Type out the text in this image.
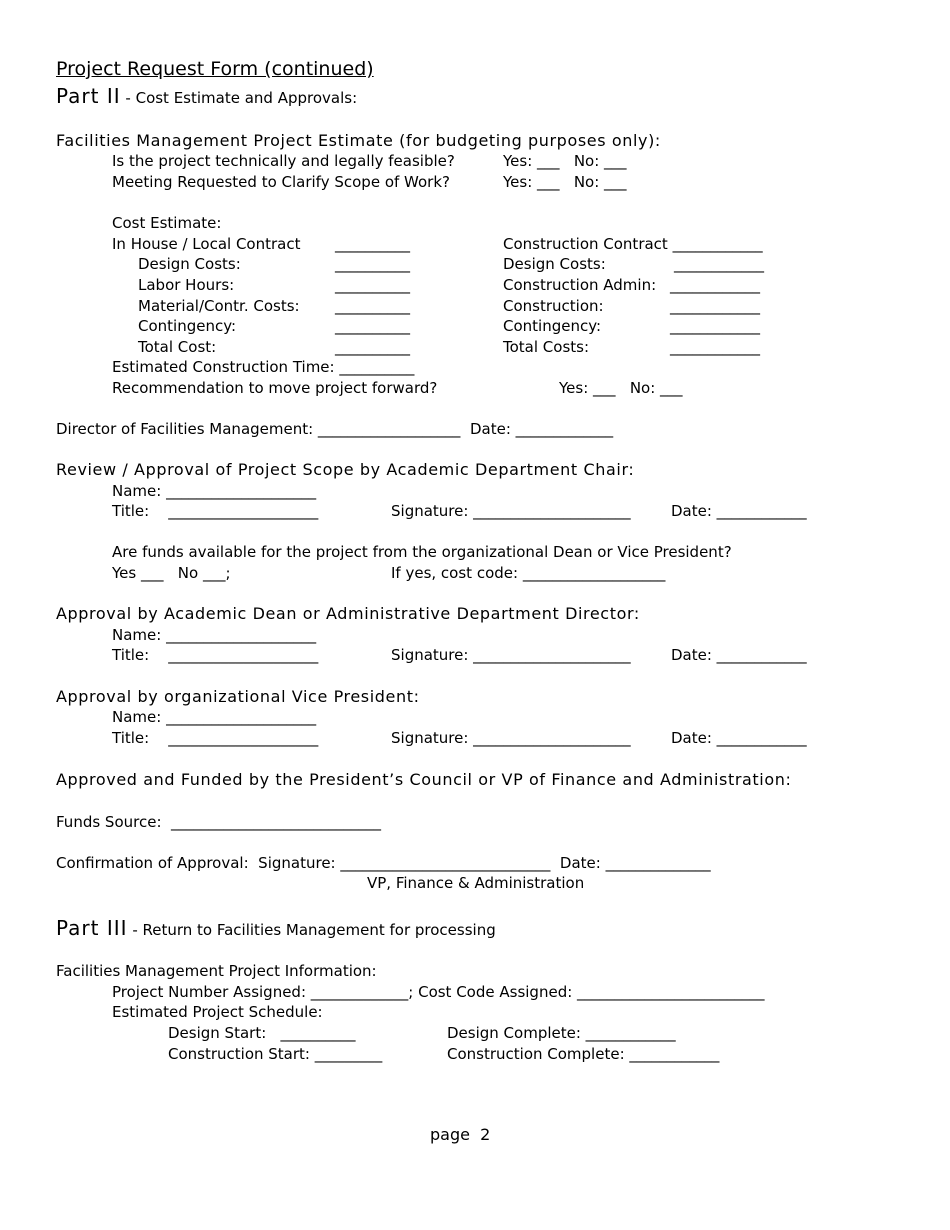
Project Request Form (continued)
Part II - Cost Estimate and Approvals:
Facilities Management Project Estimate (for budgeting purposes only):
Is the project technically and legally feasible?	Yes: ___   No: ___
Meeting Requested to Clarify Scope of Work?	Yes: ___   No: ___
Cost Estimate:
In House / Local Contract __________	Construction Contract ____________
Design Costs:	__________	Design Costs:	____________
Labor Hours:	__________	Construction Admin: ____________
Material/Contr. Costs: __________	Construction:	____________
Contingency:	__________	Contingency:	____________
Total Cost:	__________	Total Costs:	____________
Estimated Construction Time: __________
Recommendation to move project forward?	Yes: ___   No: ___
Director of Facilities Management: ___________________  Date: _____________
Review / Approval of Project Scope by Academic Department Chair:
Name: ____________________
Title:    ____________________	Signature: _____________________	Date: ____________
Are funds available for the project from the organizational Dean or Vice President?
Yes ___   No ___;	If yes, cost code: ___________________
Approval by Academic Dean or Administrative Department Director:
Name: ____________________
Title:    ____________________	Signature: _____________________	Date: ____________
Approval by organizational Vice President:
Name: ____________________
Title:    ____________________	Signature: _____________________	Date: ____________
Approved and Funded by the President’s Council or VP of Finance and Administration:
Funds Source:  ____________________________
Confirmation of Approval:  Signature: ____________________________  Date: ______________
VP, Finance & Administration
Part III - Return to Facilities Management for processing
Facilities Management Project Information:
Project Number Assigned: _____________; Cost Code Assigned: _________________________
Estimated Project Schedule:
Design Start:   __________	Design Complete: ____________
Construction Start: _________	Construction Complete: ____________
page  2
